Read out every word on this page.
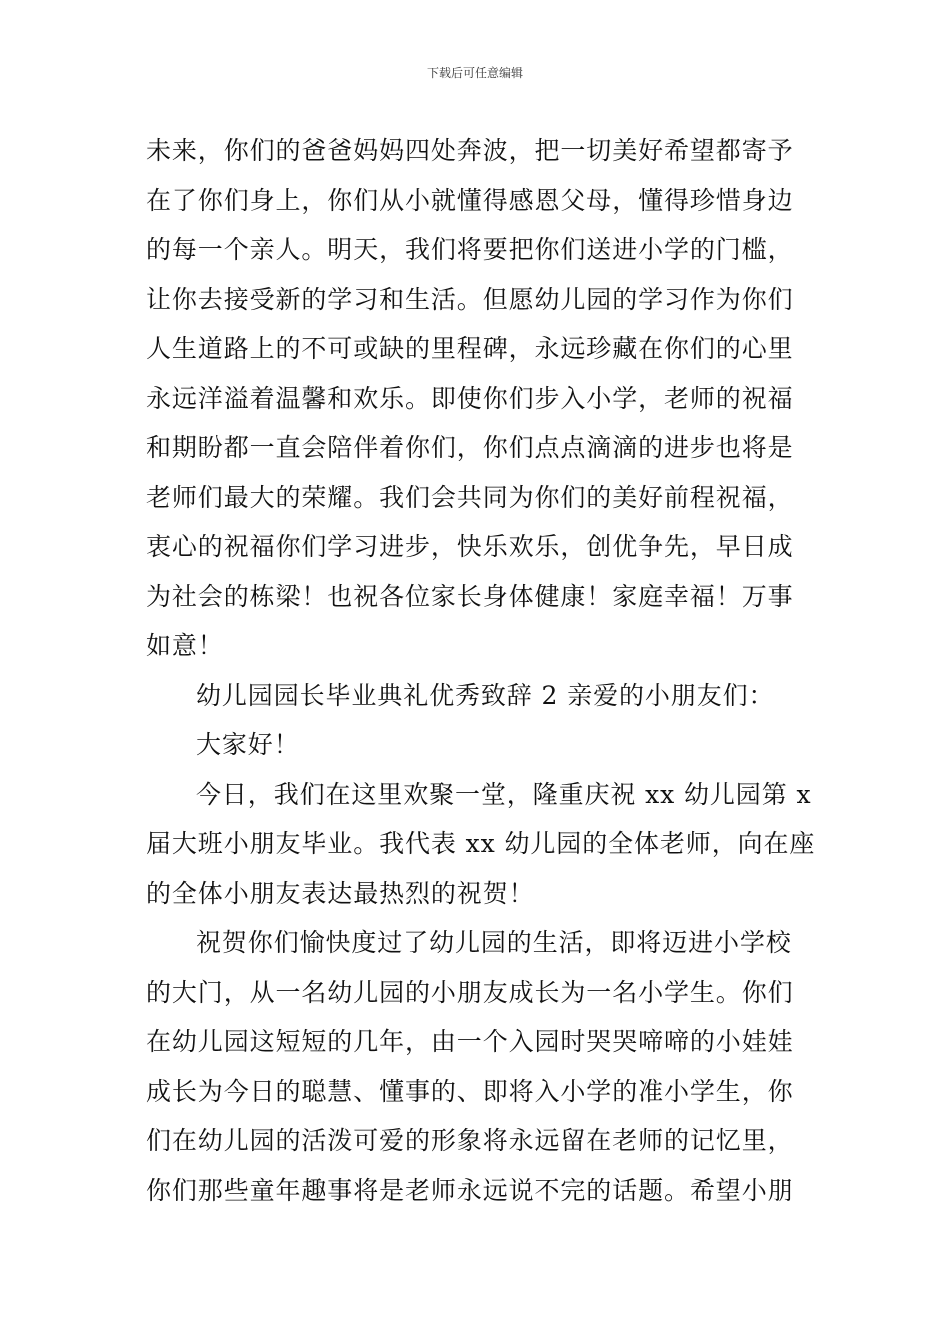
下载后可任意编辑
未来，你们的爸爸妈妈四处奔波，把一切美好希望都寄予
在了你们身上，你们从小就懂得感恩父母，懂得珍惜身边
的每一个亲人。明天，我们将要把你们送进小学的门槛，
让你去接受新的学习和生活。但愿幼儿园的学习作为你们
人生道路上的不可或缺的里程碑，永远珍藏在你们的心里
永远洋溢着温馨和欢乐。即使你们步入小学，老师的祝福
和期盼都一直会陪伴着你们，你们点点滴滴的进步也将是
老师们最大的荣耀。我们会共同为你们的美好前程祝福，
衷心的祝福你们学习进步，快乐欢乐，创优争先，早日成
为社会的栋梁！也祝各位家长身体健康！家庭幸福！万事
如意！
幼儿园园长毕业典礼优秀致辞 2 亲爱的小朋友们：
大家好！
今日，我们在这里欢聚一堂，隆重庆祝 xx 幼儿园第 x
届大班小朋友毕业。我代表 xx 幼儿园的全体老师，向在座
的全体小朋友表达最热烈的祝贺！
祝贺你们愉快度过了幼儿园的生活，即将迈进小学校
的大门，从一名幼儿园的小朋友成长为一名小学生。你们
在幼儿园这短短的几年，由一个入园时哭哭啼啼的小娃娃
成长为今日的聪慧、懂事的、即将入小学的准小学生，你
们在幼儿园的活泼可爱的形象将永远留在老师的记忆里，
你们那些童年趣事将是老师永远说不完的话题。希望小朋
